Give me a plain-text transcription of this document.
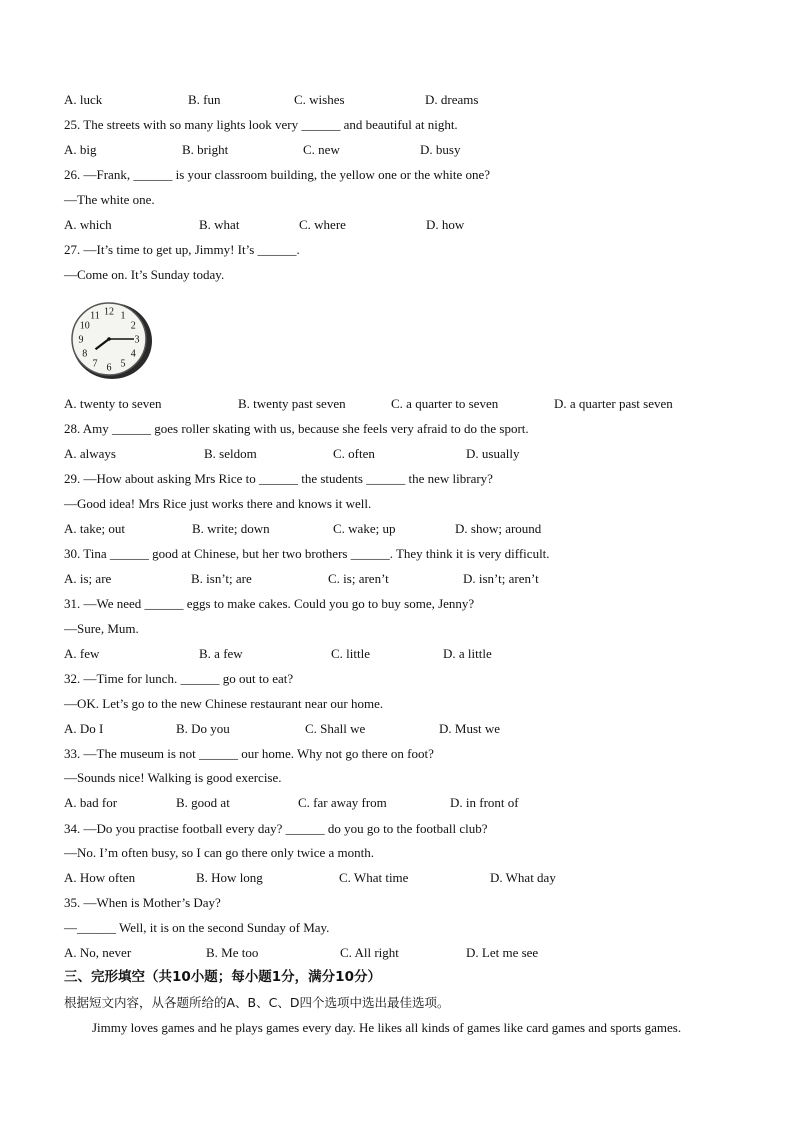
A. luck	B. fun	C. wishes	D. dreams
25. The streets with so many lights look very ______ and beautiful at night.
A. big	B. bright	C. new	D. busy
26. —Frank, ______ is your classroom building, the yellow one or the white one?
—The white one.
A. which	B. what	C. where	D. how
27. —It’s time to get up, Jimmy! It’s ______.
—Come on. It’s Sunday today.
A. twenty to seven	B. twenty past seven	C. a quarter to seven	D. a quarter past seven
28. Amy ______ goes roller skating with us, because she feels very afraid to do the sport.
A. always	B. seldom	C. often	D. usually
29. —How about asking Mrs Rice to ______ the students ______ the new library?
—Good idea! Mrs Rice just works there and knows it well.
A. take; out	B. write; down	C. wake; up	D. show; around
30. Tina ______ good at Chinese, but her two brothers ______. They think it is very difficult.
A. is; are	B. isn’t; are	C. is; aren’t	D. isn’t; aren’t
31. —We need ______ eggs to make cakes. Could you go to buy some, Jenny?
—Sure, Mum.
A. few	B. a few	C. little	D. a little
32. —Time for lunch. ______ go out to eat?
—OK. Let’s go to the new Chinese restaurant near our home.
A. Do I	B. Do you	C. Shall we	D. Must we
33. —The museum is not ______ our home. Why not go there on foot?
—Sounds nice! Walking is good exercise.
A. bad for	B. good at	C. far away from	D. in front of
34. —Do you practise football every day? ______ do you go to the football club?
—No. I’m often busy, so I can go there only twice a month.
A. How often	B. How long	C. What time	D. What day
35. —When is Mother’s Day?
—______ Well, it is on the second Sunday of May.
A. No, never	B. Me too	C. All right	D. Let me see
12 1
2
3
4
5
6
7
8
9
10
11
三、完形填空（共10小题；每小题1分，满分10分）
根据短文内容，从各题所给的A、B、C、D四个选项中选出最佳选项。
Jimmy loves games and he plays games every day. He likes all kinds of games like card games and sports games.
